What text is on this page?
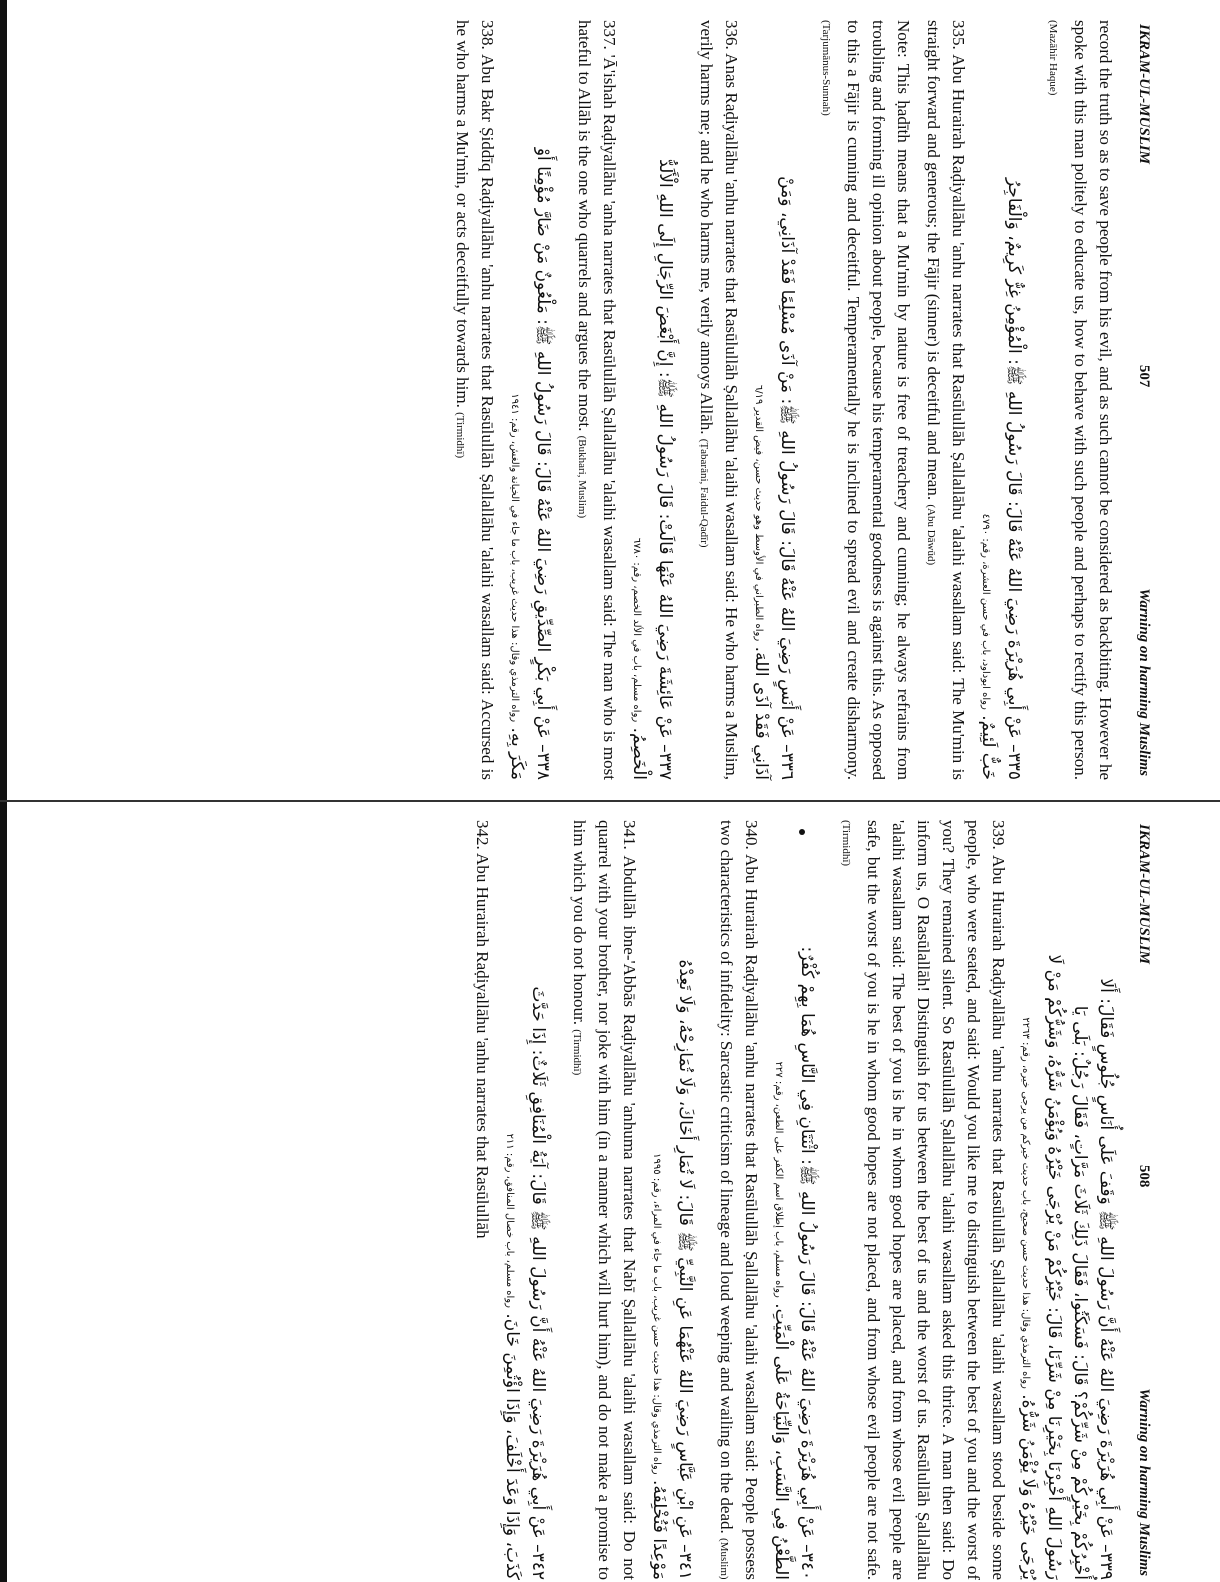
IKRAM-UL-MUSLIM
507
Warning on harming Muslims

record the truth so as to save people from his evil, and as such cannot be considered as backbiting. However he spoke with this man politely to educate us, how to behave with such people and perhaps to rectify this person. (Mazāhir Haque)

٣٣٥– عَنْ أَبِي هُرَيْرَةَ رَضِيَ اللهُ عَنْهُ قَالَ: قَالَ رَسُولُ اللهِ ﷺ: الْمُؤْمِنُ غِرٌّ كَرِيمٌ، وَالْفَاجِرُ

خَبٌّ لَئِيمٌ. رواه ابوداود، باب في حسن العشرة، رقم: ٤٧٩٠

335. Abu Hurairah Raḍiyallāhu 'anhu narrates that Rasūlullāh Ṣallallāhu 'alaihi wasallam said: The Mu'min is straight forward and generous; the Fājir (sinner) is deceitful and mean. (Abu Dāwūd)

Note: This ḥadīth means that a Mu'min by nature is free of treachery and cunning; he always refrains from troubling and forming ill opinion about people, because his temperamental goodness is against this. As opposed to this a Fājir is cunning and deceitful. Temperamentally he is inclined to spread evil and create disharmony. (Tarjumānus-Sunnah)

٣٣٦– عَنْ أَنَسٍ رَضِيَ اللهُ عَنْهُ قَالَ: قَالَ رَسُولُ اللهِ ﷺ: مَنْ آذَى مُسْلِمًا فَقَدْ آذَانِي، وَمَنْ

آذَانِي فَقَدْ آذَى اللهَ. رواه الطبراني في الأوسط وهو حديث حسن، فيض القدير ٦/١٩

336. Anas Raḍiyallāhu 'anhu narrates that Rasūlullāh Ṣallallāhu 'alaihi wasallam said: He who harms a Muslim, verily harms me; and he who harms me, verily annoys Allāh. (Ṭabarāni, Faidul-Qadīr)

٣٣٧– عَنْ عَائِشَةَ رَضِيَ اللهُ عَنْهَا قَالَتْ: قَالَ رَسُولُ اللهِ ﷺ: إِنَّ أَبْغَضَ الرِّجَالِ إِلَى اللهِ الْأَلَدُّ

الْخَصِمُ. رواه مسلم، باب في الألد الخصم، رقم: ٦٧٨٠

337. 'Ā'ishah Raḍiyallāhu 'anha narrates that Rasūlullāh Ṣallallāhu 'alaihi wasallam said: The man who is most hateful to Allāh is the one who quarrels and argues the most. (Bukhari, Muslim)

٣٣٨– عَنْ أَبِي بَكْرٍ الصِّدِّيقِ رَضِيَ اللهُ عَنْهُ قَالَ: قَالَ رَسُولُ اللهِ ﷺ: مَلْعُونٌ مَنْ ضَارَّ مُؤْمِنًا أَوْ

مَكَرَ بِهِ. رواه الترمذي وقال: هذا حديث غريب، باب ما جاء في الخيانة والغش، رقم: ١٩٤١

338. Abu Bakr Ṣiddīq Raḍiyallāhu 'anhu narrates that Rasūlullāh Ṣallallāhu 'alaihi wasallam said: Accursed is he who harms a Mu'min, or acts deceitfully towards him. (Tirmidhī)

IKRAM-UL-MUSLIM
508
Warning on harming Muslims

٣٣٩– عَنْ أَبِي هُرَيْرَةَ رَضِيَ اللهُ عَنْهُ أَنَّ رَسُولَ اللهِ ﷺ وَقَفَ عَلَى أُنَاسٍ جُلُوسٍ فَقَالَ: أَلَا

أُخْبِرُكُمْ بِخَيْرِكُمْ مِنْ شَرِّكُمْ؟ قَالَ: فَسَكَتُوا، فَقَالَ ذَلِكَ ثَلَاثَ مَرَّاتٍ، فَقَالَ رَجُلٌ: بَلَى يَا

رَسُولَ اللهِ أَخْبِرْنَا بِخَيْرِنَا مِنْ شَرِّنَا، قَالَ: خَيْرُكُمْ مَنْ يُرْجَى خَيْرُهُ وَيُؤْمَنُ شَرُّهُ، وَشَرُّكُمْ مَنْ لَا

يُرْجَى خَيْرُهُ وَلَا يُؤْمَنُ شَرُّهُ. رواه الترمذي وقال: هذا حديث حسن صحيح، باب حديث خيركم من يرجى خيره، رقم: ٢٢٦٣

339. Abu Hurairah Raḍiyallāhu 'anhu narrates that Rasūlullāh Ṣallallāhu 'alaihi wasallam stood beside some people, who were seated, and said: Would you like me to distinguish between the best of you and the worst of you? They remained silent. So Rasūlullāh Ṣallallāhu 'alaihi wasallam asked this thrice. A man then said: Do inform us, O Rasūlallāh! Distinguish for us between the best of us and the worst of us. Rasūlullāh Ṣallallāhu 'alaihi wasallam said: The best of you is he in whom good hopes are placed, and from whose evil people are safe, but the worst of you is he in whom good hopes are not placed, and from whose evil people are not safe. (Tirmidhī)

٣٤٠– عَنْ أَبِي هُرَيْرَةَ رَضِيَ اللهُ عَنْهُ قَالَ: قَالَ رَسُولُ اللهِ ﷺ: اثْنَتَانِ فِي النَّاسِ هُمَا بِهِمْ كُفْرٌ:

الطَّعْنُ فِي النَّسَبِ، وَالنِّيَاحَةُ عَلَى الْمَيِّتِ. رواه مسلم، باب إطلاق اسم الكفر على الطعن، رقم: ٢٢٧

340. Abu Hurairah Raḍiyallāhu 'anhu narrates that Rasūlullāh Ṣallallāhu 'alaihi wasallam said: People possess two characteristics of infidelity: Sarcastic criticism of lineage and loud weeping and wailing on the dead. (Muslim)

٣٤١– عَنِ ابْنِ عَبَّاسٍ رَضِيَ اللهُ عَنْهُمَا عَنِ النَّبِيِّ ﷺ قَالَ: لَا تُمَارِ أَخَاكَ، وَلَا تُمَازِحْهُ، وَلَا تَعِدْهُ

مَوْعِدًا فَتُخْلِفَهُ. رواه الترمذي وقال: هذا حديث حسن غريب، باب ما جاء في المراء، رقم: ١٩٩٥

341. Abdullāh ibne-'Abbās Raḍiyallāhu 'anhuma narrates that Nabī Ṣallallāhu 'alaihi wasallam said: Do not quarrel with your brother, nor joke with him (in a manner which will hurt him), and do not make a promise to him which you do not honour. (Tirmidhī)

٣٤٢– عَنْ أَبِي هُرَيْرَةَ رَضِيَ اللهُ عَنْهُ أَنَّ رَسُولَ اللهِ ﷺ قَالَ: آيَةُ الْمُنَافِقِ ثَلَاثٌ: إِذَا حَدَّثَ

كَذَبَ، وَإِذَا وَعَدَ أَخْلَفَ، وَإِذَا اؤْتُمِنَ خَانَ. رواه مسلم، باب خصال المنافق، رقم: ٢١١

342. Abu Hurairah Raḍiyallāhu 'anhu narrates that Rasūlullāh
